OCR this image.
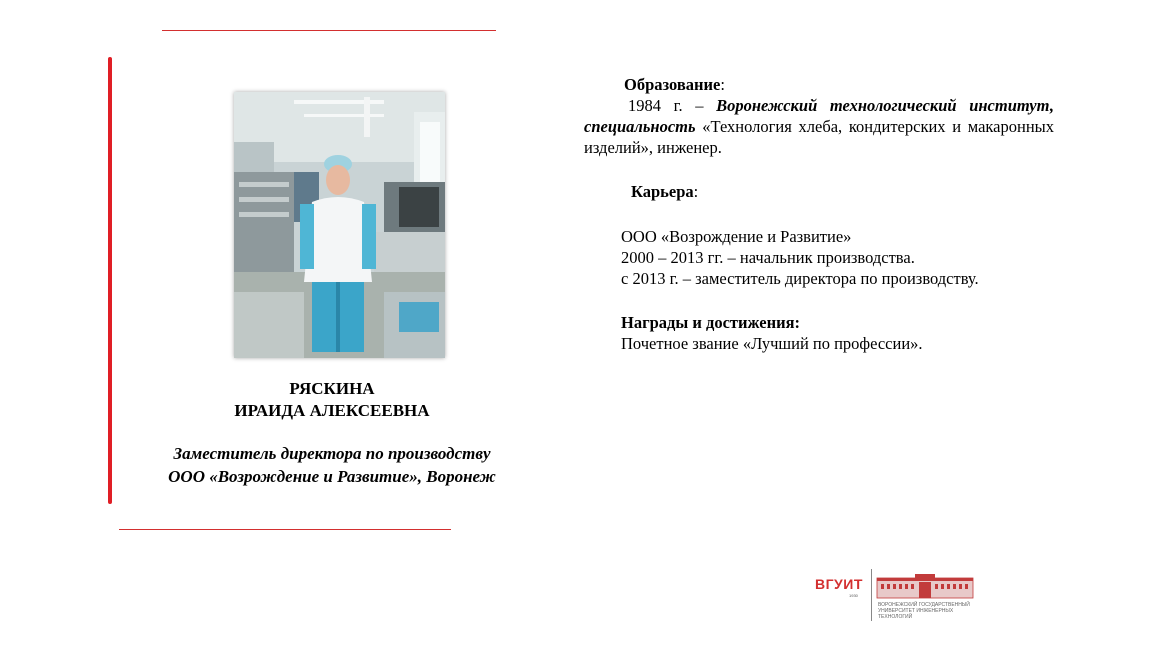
РЯСКИНА
ИРАИДА АЛЕКСЕЕВНА
Заместитель директора по производству
ООО «Возрождение и Развитие», Воронеж
Образование:
1984 г. – Воронежский технологический институт, специальность «Технология хлеба, кондитерских и макаронных изделий», инженер.
Карьера:
ООО «Возрождение и Развитие»
2000 – 2013 гг. – начальник производства.
с 2013 г. – заместитель директора по производству.
Награды и достижения:
Почетное звание «Лучший по профессии».
ВГУИТ
1930
ВОРОНЕЖСКИЙ ГОСУДАРСТВЕННЫЙ УНИВЕРСИТЕТ ИНЖЕНЕРНЫХ ТЕХНОЛОГИЙ
